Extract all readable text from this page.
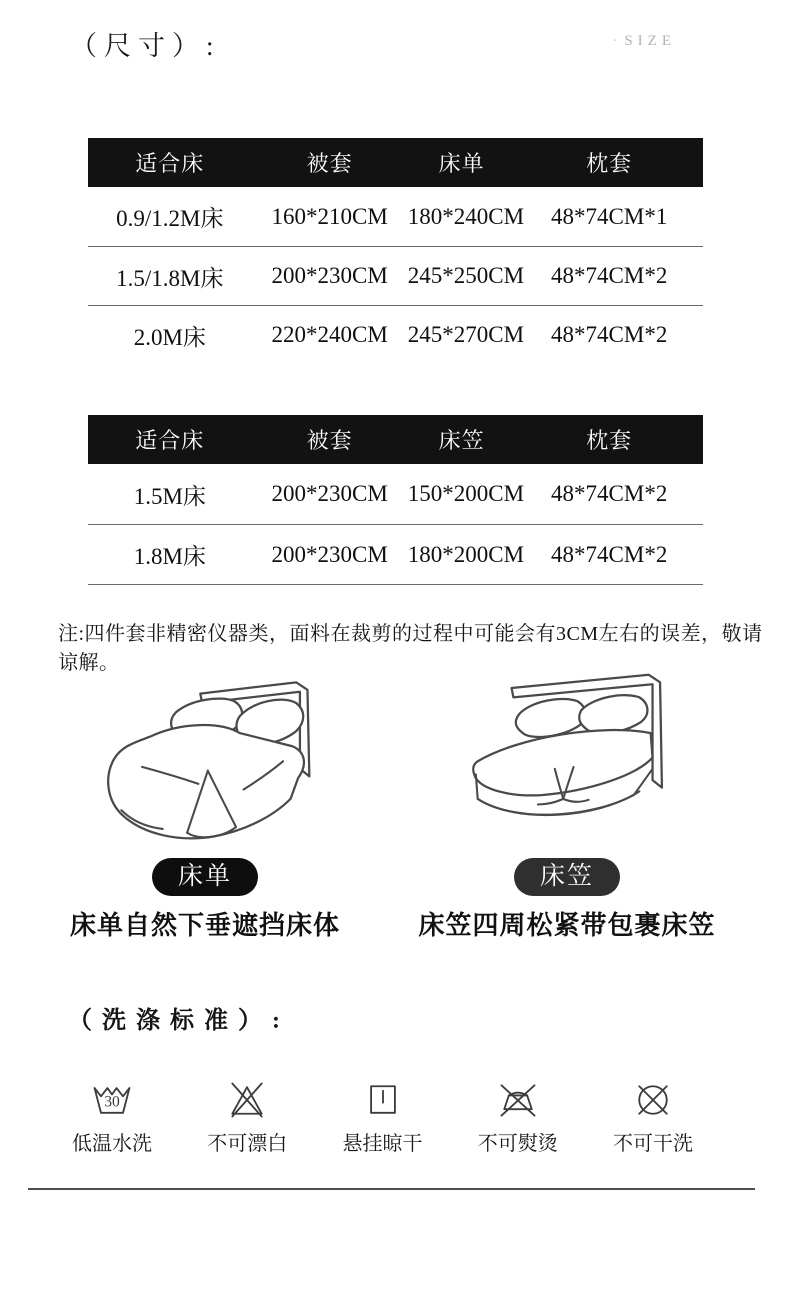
（尺寸）:	· SIZE
适合床	被套	床单	枕套
0.9/1.2M床	160*210CM 180*240CM	48*74CM*1
1.5/1.8M床	200*230CM 245*250CM	48*74CM*2
2.0M床	220*240CM 245*270CM	48*74CM*2
适合床	被套	床笠	枕套
1.5M床	200*230CM 150*200CM	48*74CM*2
1.8M床	200*230CM 180*200CM	48*74CM*2
注:四件套非精密仪器类，面料在裁剪的过程中可能会有3CM左右的误差，敬请谅解。
床单
床单自然下垂遮挡床体
床笠
床笠四周松紧带包裹床笠
（洗涤标准）:
30
低温水洗	不可漂白	悬挂晾干	不可熨烫	不可干洗
